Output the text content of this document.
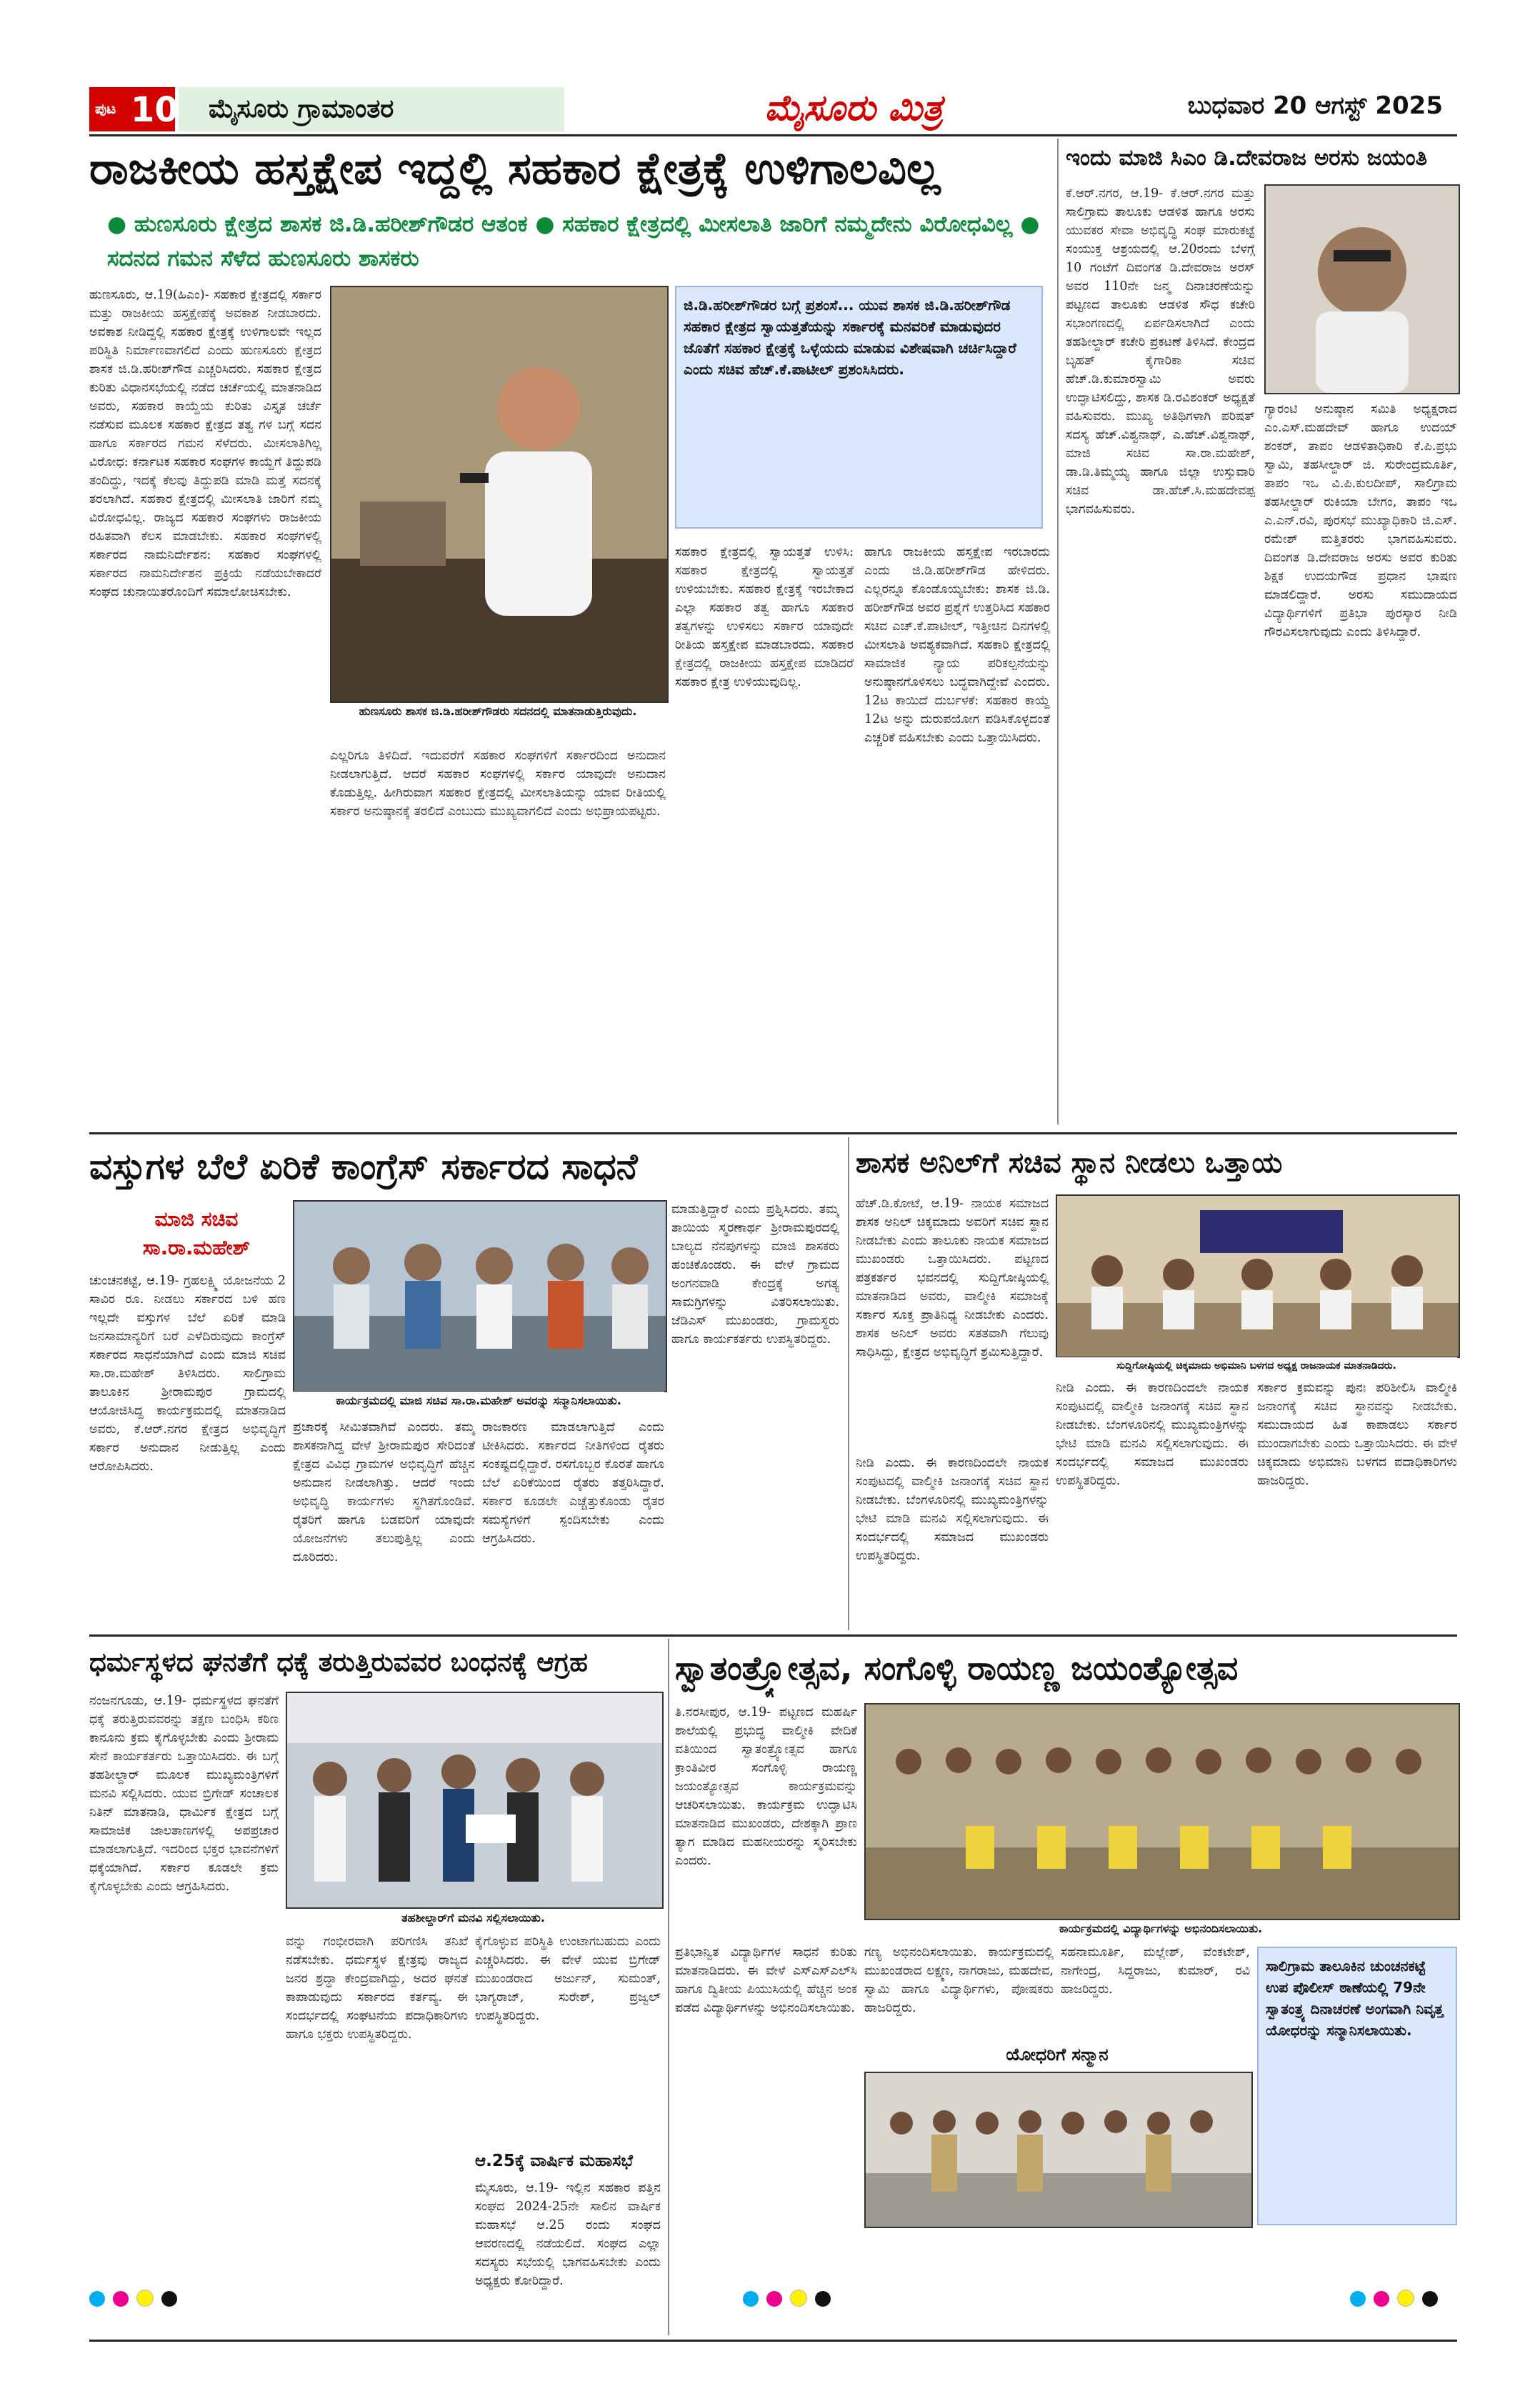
ಪುಟ 10	ಮೈಸೂರು ಗ್ರಾಮಾಂತರ	ಮೈಸೂರು ಮಿತ್ರ	ಬುಧವಾರ 20 ಆಗಸ್ಟ್ 2025
ರಾಜಕೀಯ ಹಸ್ತಕ್ಷೇಪ ಇದ್ದಲ್ಲಿ ಸಹಕಾರ ಕ್ಷೇತ್ರಕ್ಕೆ ಉಳಿಗಾಲವಿಲ್ಲ
● ಹುಣಸೂರು ಕ್ಷೇತ್ರದ ಶಾಸಕ ಜಿ.ಡಿ.ಹರೀಶ್‌ಗೌಡರ ಆತಂಕ ● ಸಹಕಾರ ಕ್ಷೇತ್ರದಲ್ಲಿ ಮೀಸಲಾತಿ ಜಾರಿಗೆ ನಮ್ಮದೇನು ವಿರೋಧವಿಲ್ಲ ● ಸದನದ ಗಮನ ಸೆಳೆದ ಹುಣಸೂರು ಶಾಸಕರು
ಹುಣಸೂರು, ಆ.19(ಹಿಎಂ)- ಸಹಕಾರ ಕ್ಷೇತ್ರದಲ್ಲಿ ಸರ್ಕಾರ ಮತ್ತು ರಾಜಕೀಯ ಹಸ್ತಕ್ಷೇಪಕ್ಕೆ ಅವಕಾಶ ನೀಡಬಾರದು. ಅವಕಾಶ ನೀಡಿದ್ದಲ್ಲಿ ಸಹಕಾರ ಕ್ಷೇತ್ರಕ್ಕೆ ಉಳಿಗಾಲವೇ ಇಲ್ಲದ ಪರಿಸ್ಥಿತಿ ನಿರ್ಮಾಣವಾಗಲಿದೆ ಎಂದು ಹುಣಸೂರು ಕ್ಷೇತ್ರದ ಶಾಸಕ ಜಿ.ಡಿ.ಹರೀಶ್‌ಗೌಡ ಎಚ್ಚರಿಸಿದರು. ಸಹಕಾರ ಕ್ಷೇತ್ರದ ಕುರಿತು ವಿಧಾನಸಭೆಯಲ್ಲಿ ನಡೆದ ಚರ್ಚೆಯಲ್ಲಿ ಮಾತನಾಡಿದ ಅವರು, ಸಹಕಾರ ಕಾಯ್ದೆಯ ಕುರಿತು ವಿಸ್ತೃತ ಚರ್ಚೆ ನಡೆಸುವ ಮೂಲಕ ಸಹಕಾರ ಕ್ಷೇತ್ರದ ತತ್ವ ಗಳ ಬಗ್ಗೆ ಸದನ ಹಾಗೂ ಸರ್ಕಾರದ ಗಮನ ಸೆಳೆದರು. ಮೀಸಲಾತಿಗಿಲ್ಲ ವಿರೋಧ: ಕರ್ನಾಟಕ ಸಹಕಾರ ಸಂಘಗಳ ಕಾಯ್ದೆಗೆ ತಿದ್ದುಪಡಿ ತಂದಿದ್ದು, ಇದಕ್ಕೆ ಕೆಲವು ತಿದ್ದುಪಡಿ ಮಾಡಿ ಮತ್ತೆ ಸದನಕ್ಕೆ ತರಲಾಗಿದೆ. ಸಹಕಾರ ಕ್ಷೇತ್ರದಲ್ಲಿ ಮೀಸಲಾತಿ ಜಾರಿಗೆ ನಮ್ಮ ವಿರೋಧವಿಲ್ಲ. ರಾಜ್ಯದ ಸಹಕಾರ ಸಂಘಗಳು ರಾಜಕೀಯ ರಹಿತವಾಗಿ ಕೆಲಸ ಮಾಡಬೇಕು. ಸಹಕಾರ ಸಂಘಗಳಲ್ಲಿ ಸರ್ಕಾರದ ನಾಮನಿರ್ದೇಶನ: ಸಹಕಾರ ಸಂಘಗಳಲ್ಲಿ ಸರ್ಕಾರದ ನಾಮನಿರ್ದೇಶನ ಪ್ರಕ್ರಿಯೆ ನಡೆಯಬೇಕಾದರೆ ಸಂಘದ ಚುನಾಯಿತರೊಂದಿಗೆ ಸಮಾಲೋಚಿಸಬೇಕು.
ಹುಣಸೂರು ಶಾಸಕ ಜಿ.ಡಿ.ಹರೀಶ್‌ಗೌಡರು ಸದನದಲ್ಲಿ ಮಾತನಾಡುತ್ತಿರುವುದು.
ಜಿ.ಡಿ.ಹರೀಶ್‌ಗೌಡರ ಬಗ್ಗೆ ಪ್ರಶಂಸೆ... ಯುವ ಶಾಸಕ ಜಿ.ಡಿ.ಹರೀಶ್‌ಗೌಡ ಸಹಕಾರ ಕ್ಷೇತ್ರದ ಸ್ವಾಯತ್ತತೆಯನ್ನು ಸರ್ಕಾರಕ್ಕೆ ಮನವರಿಕೆ ಮಾಡುವುದರ ಜೊತೆಗೆ ಸಹಕಾರ ಕ್ಷೇತ್ರಕ್ಕೆ ಒಳ್ಳೆಯದು ಮಾಡುವ ವಿಶೇಷವಾಗಿ ಚರ್ಚಿಸಿದ್ದಾರೆ ಎಂದು ಸಚಿವ ಹೆಚ್.ಕೆ.ಪಾಟೀಲ್ ಪ್ರಶಂಸಿಸಿದರು.
ಎಲ್ಲರಿಗೂ ತಿಳಿದಿದೆ. ಇದುವರೆಗೆ ಸಹಕಾರ ಸಂಘಗಳಿಗೆ ಸರ್ಕಾರದಿಂದ ಅನುದಾನ ನೀಡಲಾಗುತ್ತಿದೆ. ಆದರೆ ಸಹಕಾರ ಸಂಘಗಳಲ್ಲಿ ಸರ್ಕಾರ ಯಾವುದೇ ಅನುದಾನ ಕೊಡುತ್ತಿಲ್ಲ. ಹೀಗಿರುವಾಗ ಸಹಕಾರ ಕ್ಷೇತ್ರದಲ್ಲಿ ಮೀಸಲಾತಿಯನ್ನು ಯಾವ ರೀತಿಯಲ್ಲಿ ಸರ್ಕಾರ ಅನುಷ್ಠಾನಕ್ಕೆ ತರಲಿದೆ ಎಂಬುದು ಮುಖ್ಯವಾಗಲಿದೆ ಎಂದು ಅಭಿಪ್ರಾಯಪಟ್ಟರು.
ಸಹಕಾರ ಕ್ಷೇತ್ರದಲ್ಲಿ ಸ್ವಾಯತ್ತತೆ ಉಳಿಸಿ: ಸಹಕಾರ ಕ್ಷೇತ್ರದಲ್ಲಿ ಸ್ವಾಯತ್ತತೆ ಉಳಿಯಬೇಕು. ಸಹಕಾರ ಕ್ಷೇತ್ರಕ್ಕೆ ಇರಬೇಕಾದ ಎಲ್ಲಾ ಸಹಕಾರ ತತ್ವ ಹಾಗೂ ಸಹಕಾರ ತತ್ವಗಳನ್ನು ಉಳಿಸಲು ಸರ್ಕಾರ ಯಾವುದೇ ರೀತಿಯ ಹಸ್ತಕ್ಷೇಪ ಮಾಡಬಾರದು. ಸಹಕಾರ ಕ್ಷೇತ್ರದಲ್ಲಿ ರಾಜಕೀಯ ಹಸ್ತಕ್ಷೇಪ ಮಾಡಿದರೆ ಸಹಕಾರ ಕ್ಷೇತ್ರ ಉಳಿಯುವುದಿಲ್ಲ.
ಹಾಗೂ ರಾಜಕೀಯ ಹಸ್ತಕ್ಷೇಪ ಇರಬಾರದು ಎಂದು ಜಿ.ಡಿ.ಹರೀಶ್‌ಗೌಡ ಹೇಳಿದರು. ಎಲ್ಲರನ್ನೂ ಕೊಂಡೊಯ್ಯಬೇಕು: ಶಾಸಕ ಜಿ.ಡಿ. ಹರೀಶ್‌ಗೌಡ ಅವರ ಪ್ರಶ್ನೆಗೆ ಉತ್ತರಿಸಿದ ಸಹಕಾರ ಸಚಿವ ಎಚ್.ಕೆ.ಪಾಟೀಲ್, ಇತ್ತೀಚಿನ ದಿನಗಳಲ್ಲಿ ಮೀಸಲಾತಿ ಅವಶ್ಯಕವಾಗಿದೆ. ಸಹಕಾರಿ ಕ್ಷೇತ್ರದಲ್ಲಿ ಸಾಮಾಜಿಕ ನ್ಯಾಯ ಪರಿಕಲ್ಪನೆಯನ್ನು ಅನುಷ್ಠಾನಗೊಳಿಸಲು ಬದ್ಧವಾಗಿದ್ದೇವೆ ಎಂದರು. 12ಟ ಕಾಯಿದೆ ದುರ್ಬಳಕೆ: ಸಹಕಾರ ಕಾಯ್ದೆ 12ಟ ಅನ್ನು ದುರುಪಯೋಗ ಪಡಿಸಿಕೊಳ್ಳದಂತೆ ಎಚ್ಚರಿಕೆ ವಹಿಸಬೇಕು ಎಂದು ಒತ್ತಾಯಿಸಿದರು.
ಇಂದು ಮಾಜಿ ಸಿಎಂ ಡಿ.ದೇವರಾಜ ಅರಸು ಜಯಂತಿ
ಕೆ.ಆರ್.ನಗರ, ಆ.19- ಕೆ.ಆರ್.ನಗರ ಮತ್ತು ಸಾಲಿಗ್ರಾಮ ತಾಲೂಕು ಆಡಳಿತ ಹಾಗೂ ಅರಸು ಯುವಕರ ಸೇವಾ ಅಭಿವೃದ್ಧಿ ಸಂಘ ಮಾರುಕಟ್ಟೆ ಸಂಯುಕ್ತ ಆಶ್ರಯದಲ್ಲಿ ಆ.20ರಂದು ಬೆಳಗ್ಗೆ 10 ಗಂಟೆಗೆ ದಿವಂಗತ ಡಿ.ದೇವರಾಜ ಅರಸ್ ಅವರ 110ನೇ ಜನ್ಮ ದಿನಾಚರಣೆಯನ್ನು ಪಟ್ಟಣದ ತಾಲೂಕು ಆಡಳಿತ ಸೌಧ ಕಚೇರಿ ಸಭಾಂಗಣದಲ್ಲಿ ಏರ್ಪಡಿಸಲಾಗಿದೆ ಎಂದು ತಹಶೀಲ್ದಾರ್ ಕಚೇರಿ ಪ್ರಕಟಣೆ ತಿಳಿಸಿದೆ. ಕೇಂದ್ರದ ಬೃಹತ್ ಕೈಗಾರಿಕಾ ಸಚಿವ ಹೆಚ್.ಡಿ.ಕುಮಾರಸ್ವಾಮಿ ಅವರು ಉದ್ಘಾಟಿಸಲಿದ್ದು, ಶಾಸಕ ಡಿ.ರವಿಶಂಕರ್ ಅಧ್ಯಕ್ಷತೆ ವಹಿಸುವರು. ಮುಖ್ಯ ಅತಿಥಿಗಳಾಗಿ ಪರಿಷತ್ ಸದಸ್ಯ ಹೆಚ್.ವಿಶ್ವನಾಥ್, ಎ.ಹೆಚ್.ವಿಶ್ವನಾಥ್, ಮಾಜಿ ಸಚಿವ ಸಾ.ರಾ.ಮಹೇಶ್, ಡಾ.ಡಿ.ತಿಮ್ಮಯ್ಯ ಹಾಗೂ ಜಿಲ್ಲಾ ಉಸ್ತುವಾರಿ ಸಚಿವ ಡಾ.ಹೆಚ್.ಸಿ.ಮಹದೇವಪ್ಪ ಭಾಗವಹಿಸುವರು.
ಗ್ಯಾರಂಟಿ ಅನುಷ್ಠಾನ ಸಮಿತಿ ಅಧ್ಯಕ್ಷರಾದ ಎಂ.ಎಸ್.ಮಹದೇವ್ ಹಾಗೂ ಉದಯ್ ಶಂಕರ್, ತಾಪಂ ಆಡಳಿತಾಧಿಕಾರಿ ಕೆ.ಪಿ.ಪ್ರಭು ಸ್ವಾಮಿ, ತಹಸೀಲ್ದಾರ್ ಜಿ. ಸುರೇಂದ್ರಮೂರ್ತಿ, ತಾಪಂ ಇಒ ವಿ.ಪಿ.ಕುಲದೀಪ್, ಸಾಲಿಗ್ರಾಮ ತಹಸೀಲ್ದಾರ್ ರುಕಿಯಾ ಬೇಗಂ, ತಾಪಂ ಇಒ ಎ.ಎನ್.ರವಿ, ಪುರಸಭೆ ಮುಖ್ಯಾಧಿಕಾರಿ ಜಿ.ಎಸ್. ರಮೇಶ್ ಮತ್ತಿತರರು ಭಾಗವಹಿಸುವರು. ದಿವಂಗತ ಡಿ.ದೇವರಾಜ ಅರಸು ಅವರ ಕುರಿತು ಶಿಕ್ಷಕ ಉದಯಗೌಡ ಪ್ರಧಾನ ಭಾಷಣ ಮಾಡಲಿದ್ದಾರೆ. ಅರಸು ಸಮುದಾಯದ ವಿದ್ಯಾರ್ಥಿಗಳಿಗೆ ಪ್ರತಿಭಾ ಪುರಸ್ಕಾರ ನೀಡಿ ಗೌರವಿಸಲಾಗುವುದು ಎಂದು ತಿಳಿಸಿದ್ದಾರೆ.
ವಸ್ತುಗಳ ಬೆಲೆ ಏರಿಕೆ ಕಾಂಗ್ರೆಸ್ ಸರ್ಕಾರದ ಸಾಧನೆ
ಮಾಜಿ ಸಚಿವ
ಸಾ.ರಾ.ಮಹೇಶ್
ಚುಂಚನಕಟ್ಟೆ, ಆ.19- ಗ್ರಹಲಕ್ಷ್ಮಿ ಯೋಜನೆಯ 2 ಸಾವಿರ ರೂ. ನೀಡಲು ಸರ್ಕಾರದ ಬಳಿ ಹಣ ಇಲ್ಲದೇ ವಸ್ತುಗಳ ಬೆಲೆ ಏರಿಕೆ ಮಾಡಿ ಜನಸಾಮಾನ್ಯರಿಗೆ ಬರೆ ಎಳೆದಿರುವುದು ಕಾಂಗ್ರೆಸ್ ಸರ್ಕಾರದ ಸಾಧನೆಯಾಗಿದೆ ಎಂದು ಮಾಜಿ ಸಚಿವ ಸಾ.ರಾ.ಮಹೇಶ್ ತಿಳಿಸಿದರು. ಸಾಲಿಗ್ರಾಮ ತಾಲೂಕಿನ ಶ್ರೀರಾಮಪುರ ಗ್ರಾಮದಲ್ಲಿ ಆಯೋಜಿಸಿದ್ದ ಕಾರ್ಯಕ್ರಮದಲ್ಲಿ ಮಾತನಾಡಿದ ಅವರು, ಕೆ.ಆರ್.ನಗರ ಕ್ಷೇತ್ರದ ಅಭಿವೃದ್ಧಿಗೆ ಸರ್ಕಾರ ಅನುದಾನ ನೀಡುತ್ತಿಲ್ಲ ಎಂದು ಆರೋಪಿಸಿದರು.
ಕಾರ್ಯಕ್ರಮದಲ್ಲಿ ಮಾಜಿ ಸಚಿವ ಸಾ.ರಾ.ಮಹೇಶ್ ಅವರನ್ನು ಸನ್ಮಾನಿಸಲಾಯಿತು.
ಪ್ರಚಾರಕ್ಕೆ ಸೀಮಿತವಾಗಿವೆ ಎಂದರು. ತಮ್ಮ ಶಾಸಕನಾಗಿದ್ದ ವೇಳೆ ಶ್ರೀರಾಮಪುರ ಸೇರಿದಂತೆ ಕ್ಷೇತ್ರದ ವಿವಿಧ ಗ್ರಾಮಗಳ ಅಭಿವೃದ್ಧಿಗೆ ಹೆಚ್ಚಿನ ಅನುದಾನ ನೀಡಲಾಗಿತ್ತು. ಆದರೆ ಇಂದು ಅಭಿವೃದ್ಧಿ ಕಾರ್ಯಗಳು ಸ್ಥಗಿತಗೊಂಡಿವೆ. ರೈತರಿಗೆ ಹಾಗೂ ಬಡವರಿಗೆ ಯಾವುದೇ ಯೋಜನೆಗಳು ತಲುಪುತ್ತಿಲ್ಲ ಎಂದು ದೂರಿದರು.
ರಾಜಕಾರಣ ಮಾಡಲಾಗುತ್ತಿದೆ ಎಂದು ಟೀಕಿಸಿದರು. ಸರ್ಕಾರದ ನೀತಿಗಳಿಂದ ರೈತರು ಸಂಕಷ್ಟದಲ್ಲಿದ್ದಾರೆ. ರಸಗೊಬ್ಬರ ಕೊರತೆ ಹಾಗೂ ಬೆಲೆ ಏರಿಕೆಯಿಂದ ರೈತರು ತತ್ತರಿಸಿದ್ದಾರೆ. ಸರ್ಕಾರ ಕೂಡಲೇ ಎಚ್ಚೆತ್ತುಕೊಂಡು ರೈತರ ಸಮಸ್ಯೆಗಳಿಗೆ ಸ್ಪಂದಿಸಬೇಕು ಎಂದು ಆಗ್ರಹಿಸಿದರು.
ಮಾಡುತ್ತಿದ್ದಾರೆ ಎಂದು ಪ್ರಶ್ನಿಸಿದರು. ತಮ್ಮ ತಾಯಿಯ ಸ್ಮರಣಾರ್ಥ ಶ್ರೀರಾಮಪುರದಲ್ಲಿ ಬಾಲ್ಯದ ನೆನಪುಗಳನ್ನು ಮಾಜಿ ಶಾಸಕರು ಹಂಚಿಕೊಂಡರು. ಈ ವೇಳೆ ಗ್ರಾಮದ ಅಂಗನವಾಡಿ ಕೇಂದ್ರಕ್ಕೆ ಅಗತ್ಯ ಸಾಮಗ್ರಿಗಳನ್ನು ವಿತರಿಸಲಾಯಿತು. ಜೆಡಿಎಸ್ ಮುಖಂಡರು, ಗ್ರಾಮಸ್ಥರು ಹಾಗೂ ಕಾರ್ಯಕರ್ತರು ಉಪಸ್ಥಿತರಿದ್ದರು.
ಶಾಸಕ ಅನಿಲ್‌ಗೆ ಸಚಿವ ಸ್ಥಾನ ನೀಡಲು ಒತ್ತಾಯ
ಹೆಚ್.ಡಿ.ಕೋಟೆ, ಆ.19- ನಾಯಕ ಸಮಾಜದ ಶಾಸಕ ಅನಿಲ್ ಚಿಕ್ಕಮಾದು ಅವರಿಗೆ ಸಚಿವ ಸ್ಥಾನ ನೀಡಬೇಕು ಎಂದು ತಾಲೂಕು ನಾಯಕ ಸಮಾಜದ ಮುಖಂಡರು ಒತ್ತಾಯಿಸಿದರು. ಪಟ್ಟಣದ ಪತ್ರಕರ್ತರ ಭವನದಲ್ಲಿ ಸುದ್ದಿಗೋಷ್ಠಿಯಲ್ಲಿ ಮಾತನಾಡಿದ ಅವರು, ವಾಲ್ಮೀಕಿ ಸಮಾಜಕ್ಕೆ ಸರ್ಕಾರ ಸೂಕ್ತ ಪ್ರಾತಿನಿಧ್ಯ ನೀಡಬೇಕು ಎಂದರು. ಶಾಸಕ ಅನಿಲ್ ಅವರು ಸತತವಾಗಿ ಗೆಲುವು ಸಾಧಿಸಿದ್ದು, ಕ್ಷೇತ್ರದ ಅಭಿವೃದ್ಧಿಗೆ ಶ್ರಮಿಸುತ್ತಿದ್ದಾರೆ.
ಸುದ್ದಿಗೋಷ್ಠಿಯಲ್ಲಿ ಚಿಕ್ಕಮಾದು ಅಭಿಮಾನಿ ಬಳಗದ ಅಧ್ಯಕ್ಷ ರಾಜನಾಯಕ ಮಾತನಾಡಿದರು.
ನೀಡಿ ಎಂದು. ಈ ಕಾರಣದಿಂದಲೇ ನಾಯಕ ಸಂಪುಟದಲ್ಲಿ ವಾಲ್ಮೀಕಿ ಜನಾಂಗಕ್ಕೆ ಸಚಿವ ಸ್ಥಾನ ನೀಡಬೇಕು. ಬೆಂಗಳೂರಿನಲ್ಲಿ ಮುಖ್ಯಮಂತ್ರಿಗಳನ್ನು ಭೇಟಿ ಮಾಡಿ ಮನವಿ ಸಲ್ಲಿಸಲಾಗುವುದು. ಈ ಸಂದರ್ಭದಲ್ಲಿ ಸಮಾಜದ ಮುಖಂಡರು ಉಪಸ್ಥಿತರಿದ್ದರು.
ನೀಡಿ ಎಂದು. ಈ ಕಾರಣದಿಂದಲೇ ನಾಯಕ ಸಂಪುಟದಲ್ಲಿ ವಾಲ್ಮೀಕಿ ಜನಾಂಗಕ್ಕೆ ಸಚಿವ ಸ್ಥಾನ ನೀಡಬೇಕು. ಬೆಂಗಳೂರಿನಲ್ಲಿ ಮುಖ್ಯಮಂತ್ರಿಗಳನ್ನು ಭೇಟಿ ಮಾಡಿ ಮನವಿ ಸಲ್ಲಿಸಲಾಗುವುದು. ಈ ಸಂದರ್ಭದಲ್ಲಿ ಸಮಾಜದ ಮುಖಂಡರು ಉಪಸ್ಥಿತರಿದ್ದರು.
ಸರ್ಕಾರ ಕ್ರಮವನ್ನು ಪುನಃ ಪರಿಶೀಲಿಸಿ ವಾಲ್ಮೀಕಿ ಜನಾಂಗಕ್ಕೆ ಸಚಿವ ಸ್ಥಾನವನ್ನು ನೀಡಬೇಕು. ಸಮುದಾಯದ ಹಿತ ಕಾಪಾಡಲು ಸರ್ಕಾರ ಮುಂದಾಗಬೇಕು ಎಂದು ಒತ್ತಾಯಿಸಿದರು. ಈ ವೇಳೆ ಚಿಕ್ಕಮಾದು ಅಭಿಮಾನಿ ಬಳಗದ ಪದಾಧಿಕಾರಿಗಳು ಹಾಜರಿದ್ದರು.
ಧರ್ಮಸ್ಥಳದ ಘನತೆಗೆ ಧಕ್ಕೆ ತರುತ್ತಿರುವವರ ಬಂಧನಕ್ಕೆ ಆಗ್ರಹ
ನಂಜನಗೂಡು, ಆ.19- ಧರ್ಮಸ್ಥಳದ ಘನತೆಗೆ ಧಕ್ಕೆ ತರುತ್ತಿರುವವರನ್ನು ತಕ್ಷಣ ಬಂಧಿಸಿ ಕಠಿಣ ಕಾನೂನು ಕ್ರಮ ಕೈಗೊಳ್ಳಬೇಕು ಎಂದು ಶ್ರೀರಾಮ ಸೇನೆ ಕಾರ್ಯಕರ್ತರು ಒತ್ತಾಯಿಸಿದರು. ಈ ಬಗ್ಗೆ ತಹಶೀಲ್ದಾರ್ ಮೂಲಕ ಮುಖ್ಯಮಂತ್ರಿಗಳಿಗೆ ಮನವಿ ಸಲ್ಲಿಸಿದರು. ಯುವ ಬ್ರಿಗೇಡ್ ಸಂಚಾಲಕ ನಿತಿನ್ ಮಾತನಾಡಿ, ಧಾರ್ಮಿಕ ಕ್ಷೇತ್ರದ ಬಗ್ಗೆ ಸಾಮಾಜಿಕ ಜಾಲತಾಣಗಳಲ್ಲಿ ಅಪಪ್ರಚಾರ ಮಾಡಲಾಗುತ್ತಿದೆ. ಇದರಿಂದ ಭಕ್ತರ ಭಾವನೆಗಳಿಗೆ ಧಕ್ಕೆಯಾಗಿದೆ. ಸರ್ಕಾರ ಕೂಡಲೇ ಕ್ರಮ ಕೈಗೊಳ್ಳಬೇಕು ಎಂದು ಆಗ್ರಹಿಸಿದರು.
ತಹಶೀಲ್ದಾರ್‌ಗೆ ಮನವಿ ಸಲ್ಲಿಸಲಾಯಿತು.
ವನ್ನು ಗಂಭೀರವಾಗಿ ಪರಿಗಣಿಸಿ ತನಿಖೆ ನಡೆಸಬೇಕು. ಧರ್ಮಸ್ಥಳ ಕ್ಷೇತ್ರವು ರಾಜ್ಯದ ಜನರ ಶ್ರದ್ಧಾ ಕೇಂದ್ರವಾಗಿದ್ದು, ಅದರ ಘನತೆ ಕಾಪಾಡುವುದು ಸರ್ಕಾರದ ಕರ್ತವ್ಯ. ಈ ಸಂದರ್ಭದಲ್ಲಿ ಸಂಘಟನೆಯ ಪದಾಧಿಕಾರಿಗಳು ಹಾಗೂ ಭಕ್ತರು ಉಪಸ್ಥಿತರಿದ್ದರು.
ಕೈಗೊಳ್ಳುವ ಪರಿಸ್ಥಿತಿ ಉಂಟಾಗಬಹುದು ಎಂದು ಎಚ್ಚರಿಸಿದರು. ಈ ವೇಳೆ ಯುವ ಬ್ರಿಗೇಡ್ ಮುಖಂಡರಾದ ಅರ್ಜುನ್, ಸುಮಂತ್, ಭಾಗ್ಯರಾಜ್, ಸುರೇಶ್, ಪ್ರಜ್ವಲ್ ಉಪಸ್ಥಿತರಿದ್ದರು.
ಆ.25ಕ್ಕೆ ವಾರ್ಷಿಕ ಮಹಾಸಭೆ
ಮೈಸೂರು, ಆ.19- ಇಲ್ಲಿನ ಸಹಕಾರ ಪತ್ತಿನ ಸಂಘದ 2024-25ನೇ ಸಾಲಿನ ವಾರ್ಷಿಕ ಮಹಾಸಭೆ ಆ.25 ರಂದು ಸಂಘದ ಆವರಣದಲ್ಲಿ ನಡೆಯಲಿದೆ. ಸಂಘದ ಎಲ್ಲಾ ಸದಸ್ಯರು ಸಭೆಯಲ್ಲಿ ಭಾಗವಹಿಸಬೇಕು ಎಂದು ಅಧ್ಯಕ್ಷರು ಕೋರಿದ್ದಾರೆ.
ಸ್ವಾತಂತ್ರ್ಯೋತ್ಸವ, ಸಂಗೊಳ್ಳಿ ರಾಯಣ್ಣ ಜಯಂತ್ಯೋತ್ಸವ
ತಿ.ನರಸೀಪುರ, ಆ.19- ಪಟ್ಟಣದ ಮಹರ್ಷಿ ಶಾಲೆಯಲ್ಲಿ ಪ್ರಭುದ್ಧ ವಾಲ್ಮೀಕಿ ವೇದಿಕೆ ವತಿಯಿಂದ ಸ್ವಾತಂತ್ರ್ಯೋತ್ಸವ ಹಾಗೂ ಕ್ರಾಂತಿವೀರ ಸಂಗೊಳ್ಳಿ ರಾಯಣ್ಣ ಜಯಂತ್ಯೋತ್ಸವ ಕಾರ್ಯಕ್ರಮವನ್ನು ಆಚರಿಸಲಾಯಿತು. ಕಾರ್ಯಕ್ರಮ ಉದ್ಘಾಟಿಸಿ ಮಾತನಾಡಿದ ಮುಖಂಡರು, ದೇಶಕ್ಕಾಗಿ ಪ್ರಾಣ ತ್ಯಾಗ ಮಾಡಿದ ಮಹನೀಯರನ್ನು ಸ್ಮರಿಸಬೇಕು ಎಂದರು.
ಕಾರ್ಯಕ್ರಮದಲ್ಲಿ ವಿದ್ಯಾರ್ಥಿಗಳನ್ನು ಅಭಿನಂದಿಸಲಾಯಿತು.
ಪ್ರತಿಭಾನ್ವಿತ ವಿದ್ಯಾರ್ಥಿಗಳ ಸಾಧನೆ ಕುರಿತು ಮಾತನಾಡಿದರು. ಈ ವೇಳೆ ಎಸ್‌ಎಸ್‌ಎಲ್‌ಸಿ ಹಾಗೂ ದ್ವಿತೀಯ ಪಿಯುಸಿಯಲ್ಲಿ ಹೆಚ್ಚಿನ ಅಂಕ ಪಡೆದ ವಿದ್ಯಾರ್ಥಿಗಳನ್ನು ಅಭಿನಂದಿಸಲಾಯಿತು.
ಗಣ್ಯ ಅಭಿನಂದಿಸಲಾಯಿತು. ಕಾರ್ಯಕ್ರಮದಲ್ಲಿ ಮುಖಂಡರಾದ ಲಕ್ಷ್ಮಣ, ನಾಗರಾಜು, ಮಹದೇವ, ಸ್ವಾಮಿ ಹಾಗೂ ವಿದ್ಯಾರ್ಥಿಗಳು, ಪೋಷಕರು ಹಾಜರಿದ್ದರು.
ಸಹನಾಮೂರ್ತಿ, ಮಲ್ಲೇಶ್, ವೆಂಕಟೇಶ್, ನಾಗೇಂದ್ರ, ಸಿದ್ದರಾಜು, ಕುಮಾರ್, ರವಿ ಹಾಜರಿದ್ದರು.
ಯೋಧರಿಗೆ ಸನ್ಮಾನ
ಸಾಲಿಗ್ರಾಮ ತಾಲೂಕಿನ ಚುಂಚನಕಟ್ಟೆ ಉಪ ಪೊಲೀಸ್ ಠಾಣೆಯಲ್ಲಿ 79ನೇ ಸ್ವಾತಂತ್ರ್ಯ ದಿನಾಚರಣೆ ಅಂಗವಾಗಿ ನಿವೃತ್ತ ಯೋಧರನ್ನು ಸನ್ಮಾನಿಸಲಾಯಿತು.
